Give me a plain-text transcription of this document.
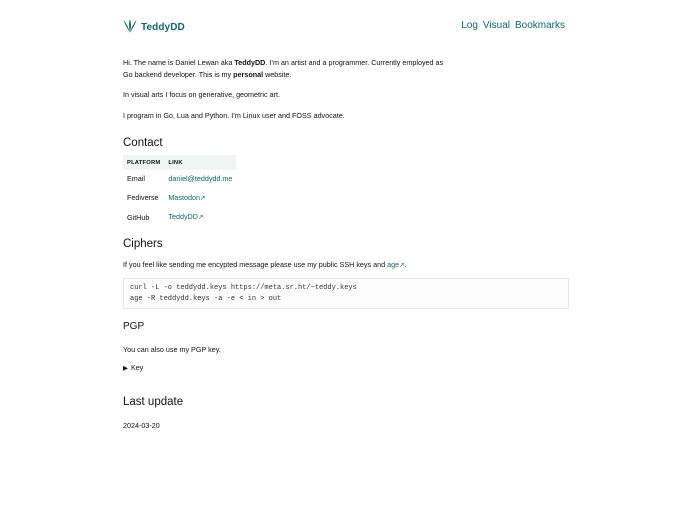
TeddyDD	Log Visual Bookmarks

Hi. The name is Daniel Lewan aka TeddyDD. I’m an artist and a programmer. Currently employed as Go backend developer. This is my personal website.

In visual arts I focus on generative, geometric art.

I program in Go, Lua and Python. I’m Linux user and FOSS advocate.

Contact
PLATFORM	LINK
Email	daniel@teddydd.me
Fediverse	Mastodon↗
GitHub	TeddyDD↗
Ciphers

If you feel like sending me encypted message please use my public SSH keys and age↗.

curl -L -o teddydd.keys https://meta.sr.ht/~teddy.keys
age -R teddydd.keys -a -e < in > out
PGP

You can also use my PGP key.

▶ Key
Last update

2024-03-20
